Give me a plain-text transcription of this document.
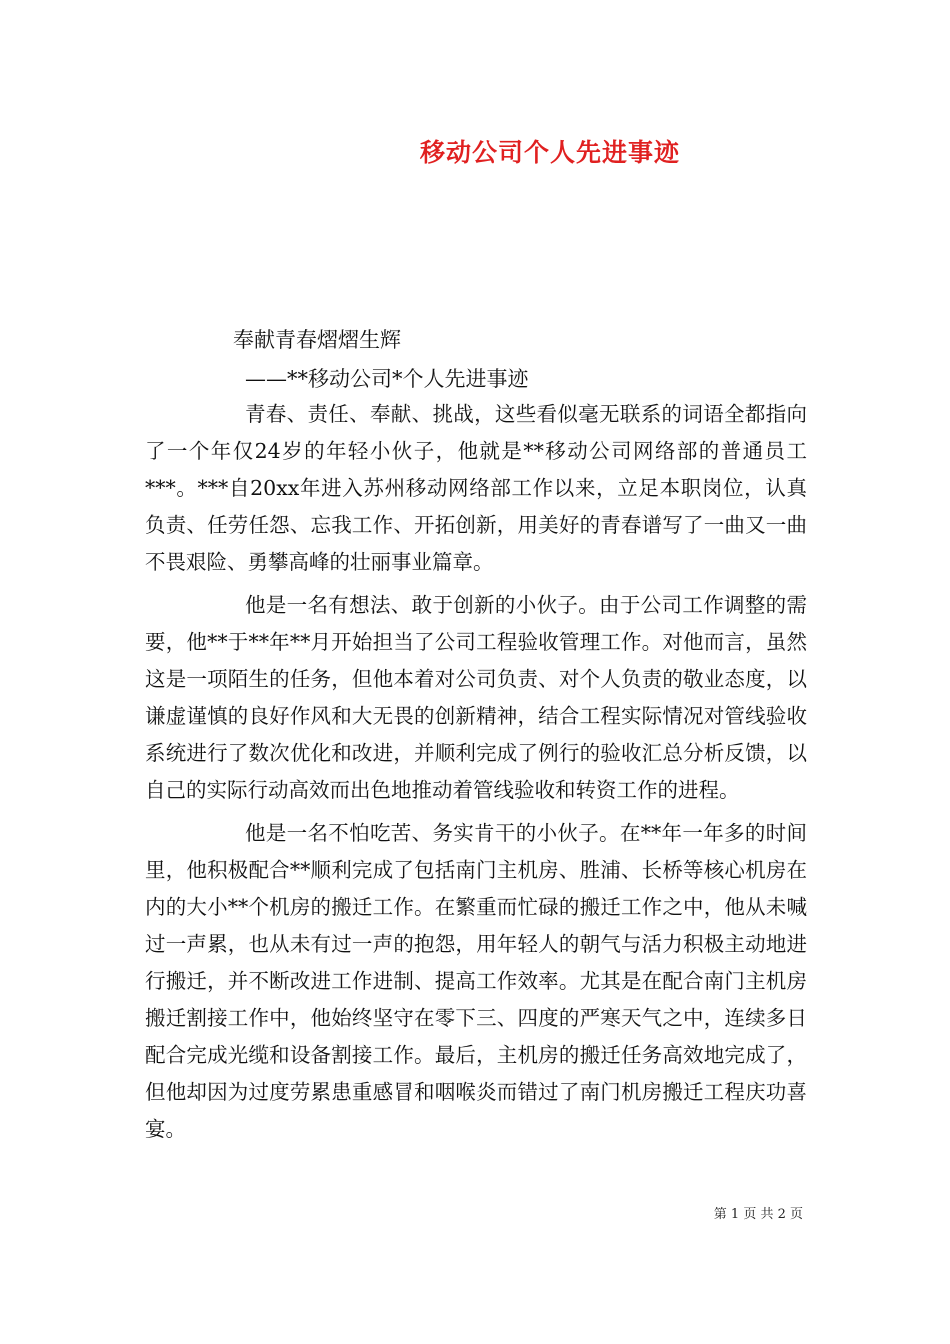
移动公司个人先进事迹
奉献青春熠熠生辉
——**移动公司*个人先进事迹

青春、责任、奉献、挑战，这些看似毫无联系的词语全都指向了一个年仅24岁的年轻小伙子，他就是**移动公司网络部的普通员工***。***自20xx年进入苏州移动网络部工作以来，立足本职岗位，认真负责、任劳任怨、忘我工作、开拓创新，用美好的青春谱写了一曲又一曲不畏艰险、勇攀高峰的壮丽事业篇章。

他是一名有想法、敢于创新的小伙子。由于公司工作调整的需要，他**于**年**月开始担当了公司工程验收管理工作。对他而言，虽然这是一项陌生的任务，但他本着对公司负责、对个人负责的敬业态度，以谦虚谨慎的良好作风和大无畏的创新精神，结合工程实际情况对管线验收系统进行了数次优化和改进，并顺利完成了例行的验收汇总分析反馈，以自己的实际行动高效而出色地推动着管线验收和转资工作的进程。

他是一名不怕吃苦、务实肯干的小伙子。在**年一年多的时间里，他积极配合**顺利完成了包括南门主机房、胜浦、长桥等核心机房在内的大小**个机房的搬迁工作。在繁重而忙碌的搬迁工作之中，他从未喊过一声累，也从未有过一声的抱怨，用年轻人的朝气与活力积极主动地进行搬迁，并不断改进工作进制、提高工作效率。尤其是在配合南门主机房搬迁割接工作中，他始终坚守在零下三、四度的严寒天气之中，连续多日配合完成光缆和设备割接工作。最后，主机房的搬迁任务高效地完成了，但他却因为过度劳累患重感冒和咽喉炎而错过了南门机房搬迁工程庆功喜宴。

第 1 页 共 2 页
